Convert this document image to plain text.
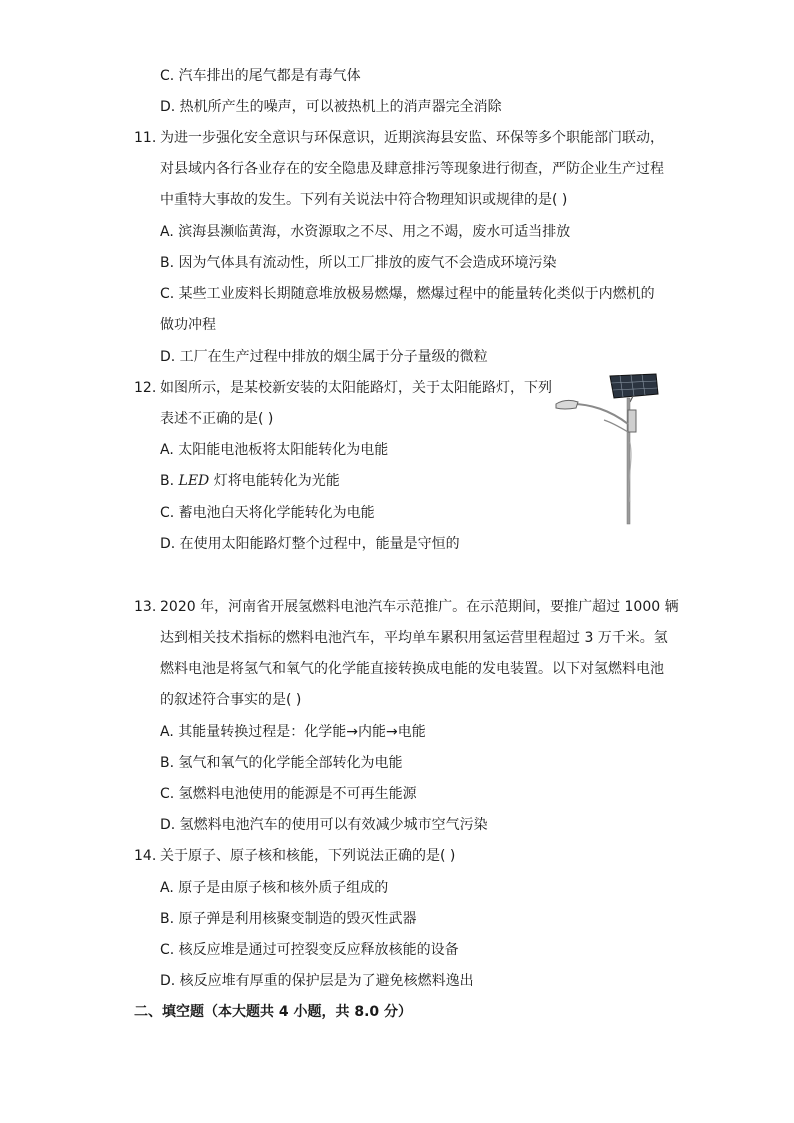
C. 汽车排出的尾气都是有毒气体
D. 热机所产生的噪声，可以被热机上的消声器完全消除
11. 为进一步强化安全意识与环保意识，近期滨海县安监、环保等多个职能部门联动，
对县域内各行各业存在的安全隐患及肆意排污等现象进行彻查，严防企业生产过程
中重特大事故的发生。下列有关说法中符合物理知识或规律的是( )
A. 滨海县濒临黄海，水资源取之不尽、用之不竭，废水可适当排放
B. 因为气体具有流动性，所以工厂排放的废气不会造成环境污染
C. 某些工业废料长期随意堆放极易燃爆，燃爆过程中的能量转化类似于内燃机的
做功冲程
D. 工厂在生产过程中排放的烟尘属于分子量级的微粒
12. 如图所示，是某校新安装的太阳能路灯，关于太阳能路灯，下列
表述不正确的是( )
A. 太阳能电池板将太阳能转化为电能
B. LED 灯将电能转化为光能
C. 蓄电池白天将化学能转化为电能
D. 在使用太阳能路灯整个过程中，能量是守恒的
13. 2020 年，河南省开展氢燃料电池汽车示范推广。在示范期间，要推广超过 1000 辆
达到相关技术指标的燃料电池汽车，平均单车累积用氢运营里程超过 3 万千米。氢
燃料电池是将氢气和氧气的化学能直接转换成电能的发电装置。以下对氢燃料电池
的叙述符合事实的是( )
A. 其能量转换过程是：化学能→内能→电能
B. 氢气和氧气的化学能全部转化为电能
C. 氢燃料电池使用的能源是不可再生能源
D. 氢燃料电池汽车的使用可以有效减少城市空气污染
14. 关于原子、原子核和核能，下列说法正确的是( )
A. 原子是由原子核和核外质子组成的
B. 原子弹是利用核聚变制造的毁灭性武器
C. 核反应堆是通过可控裂变反应释放核能的设备
D. 核反应堆有厚重的保护层是为了避免核燃料逸出
二、填空题（本大题共 4 小题，共 8.0 分）
